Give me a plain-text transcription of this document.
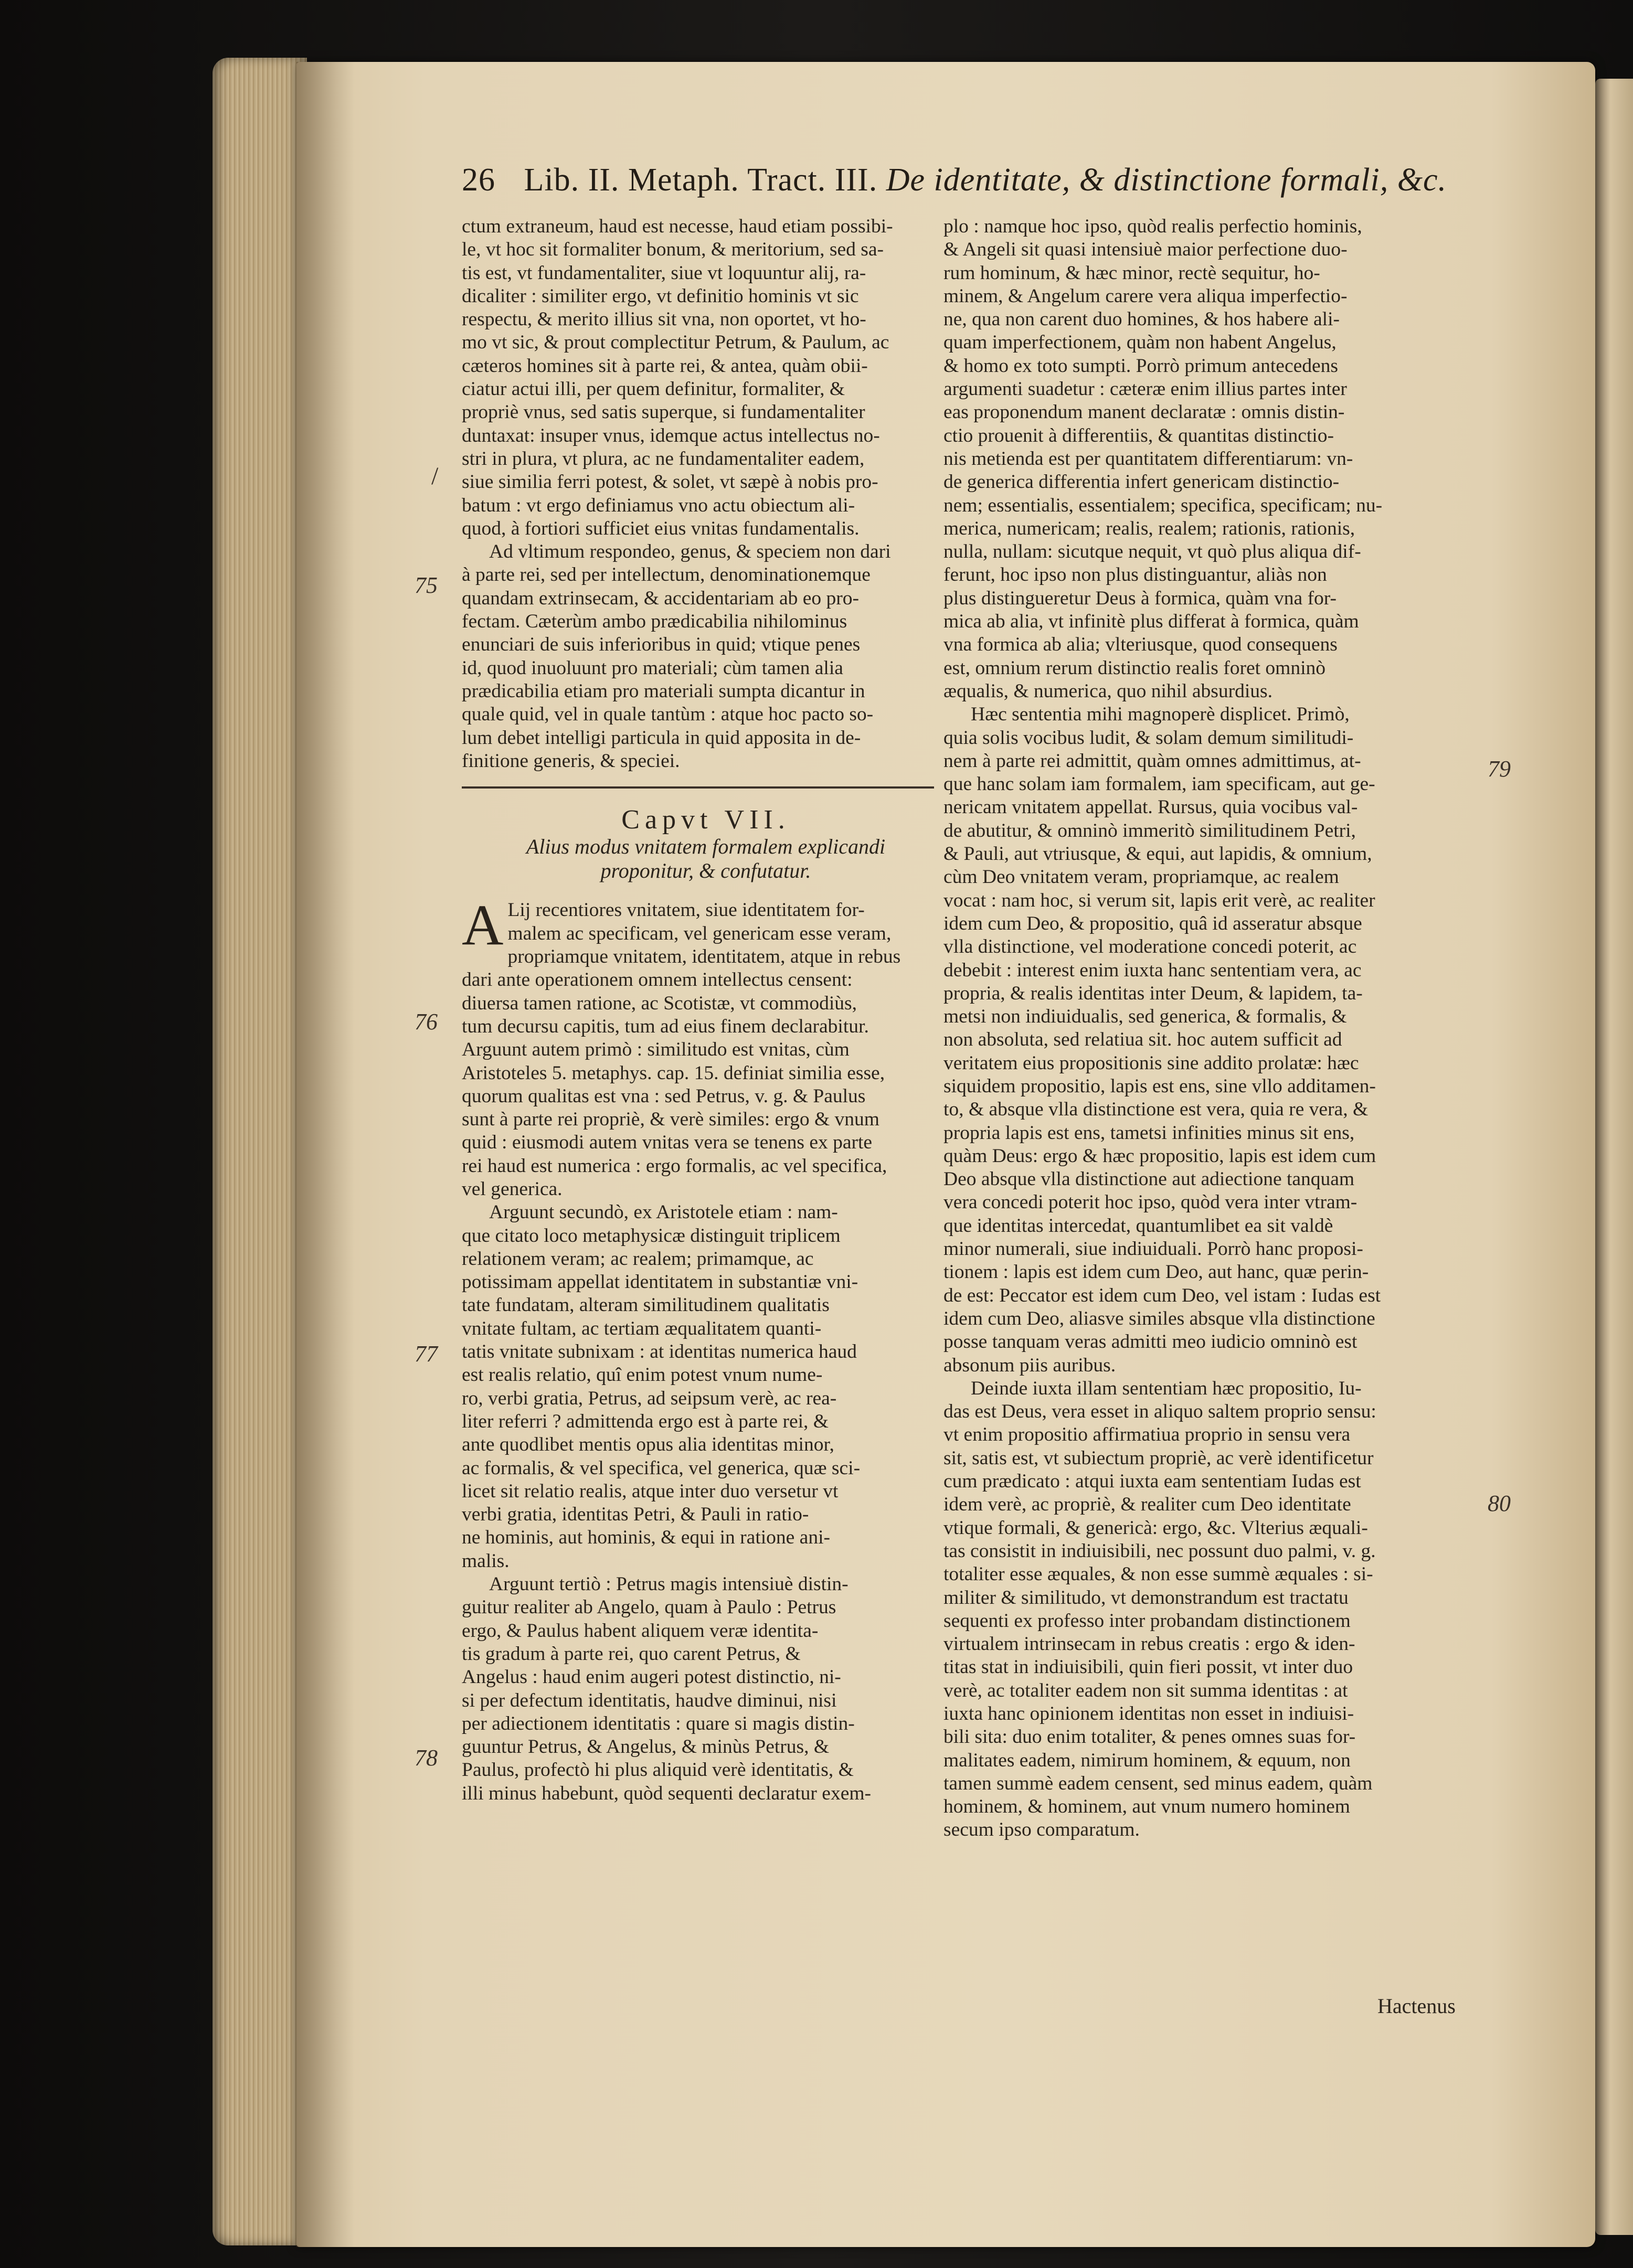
26 Lib. II. Metaph. Tract. III. De identitate, & distinctione formali, &c.
ctum extraneum, haud est necesse, haud etiam possibi-
le, vt hoc sit formaliter bonum, & meritorium, sed sa-
tis est, vt fundamentaliter, siue vt loquuntur alij, ra-
dicaliter : similiter ergo, vt definitio hominis vt sic
respectu, & merito illius sit vna, non oportet, vt ho-
mo vt sic, & prout complectitur Petrum, & Paulum, ac
cæteros homines sit à parte rei, & antea, quàm obii-
ciatur actui illi, per quem definitur, formaliter, &
propriè vnus, sed satis superque, si fundamentaliter
duntaxat: insuper vnus, idemque actus intellectus no-
stri in plura, vt plura, ac ne fundamentaliter eadem,
siue similia ferri potest, & solet, vt sæpè à nobis pro-
batum : vt ergo definiamus vno actu obiectum ali-
quod, à fortiori sufficiet eius vnitas fundamentalis.
Ad vltimum respondeo, genus, & speciem non dari
à parte rei, sed per intellectum, denominationemque
quandam extrinsecam, & accidentariam ab eo pro-
fectam. Cæterùm ambo prædicabilia nihilominus
enunciari de suis inferioribus in quid; vtique penes
id, quod inuoluunt pro materiali; cùm tamen alia
prædicabilia etiam pro materiali sumpta dicantur in
quale quid, vel in quale tantùm : atque hoc pacto so-
lum debet intelligi particula in quid apposita in de-
finitione generis, & speciei.
Capvt VII.
Alius modus vnitatem formalem explicandi
proponitur, & confutatur.
A Lij recentiores vnitatem, siue identitatem for-
malem ac specificam, vel genericam esse veram,
propriamque vnitatem, identitatem, atque in rebus
dari ante operationem omnem intellectus censent:
diuersa tamen ratione, ac Scotistæ, vt commodiùs,
tum decursu capitis, tum ad eius finem declarabitur.
Arguunt autem primò : similitudo est vnitas, cùm
Aristoteles 5. metaphys. cap. 15. definiat similia esse,
quorum qualitas est vna : sed Petrus, v. g. & Paulus
sunt à parte rei propriè, & verè similes: ergo & vnum
quid : eiusmodi autem vnitas vera se tenens ex parte
rei haud est numerica : ergo formalis, ac vel specifica,
vel generica.
Arguunt secundò, ex Aristotele etiam : nam-
que citato loco metaphysicæ distinguit triplicem
relationem veram; ac realem; primamque, ac
potissimam appellat identitatem in substantiæ vni-
tate fundatam, alteram similitudinem qualitatis
vnitate fultam, ac tertiam æqualitatem quanti-
tatis vnitate subnixam : at identitas numerica haud
est realis relatio, quî enim potest vnum nume-
ro, verbi gratia, Petrus, ad seipsum verè, ac rea-
liter referri ? admittenda ergo est à parte rei, &
ante quodlibet mentis opus alia identitas minor,
ac formalis, & vel specifica, vel generica, quæ sci-
licet sit relatio realis, atque inter duo versetur vt
verbi gratia, identitas Petri, & Pauli in ratio-
ne hominis, aut hominis, & equi in ratione ani-
malis.
Arguunt tertiò : Petrus magis intensiuè distin-
guitur realiter ab Angelo, quam à Paulo : Petrus
ergo, & Paulus habent aliquem veræ identita-
tis gradum à parte rei, quo carent Petrus, &
Angelus : haud enim augeri potest distinctio, ni-
si per defectum identitatis, haudve diminui, nisi
per adiectionem identitatis : quare si magis distin-
guuntur Petrus, & Angelus, & minùs Petrus, &
Paulus, profectò hi plus aliquid verè identitatis, &
illi minus habebunt, quòd sequenti declaratur exem-
plo : namque hoc ipso, quòd realis perfectio hominis,
& Angeli sit quasi intensiuè maior perfectione duo-
rum hominum, & hæc minor, rectè sequitur, ho-
minem, & Angelum carere vera aliqua imperfectio-
ne, qua non carent duo homines, & hos habere ali-
quam imperfectionem, quàm non habent Angelus,
& homo ex toto sumpti. Porrò primum antecedens
argumenti suadetur : cæteræ enim illius partes inter
eas proponendum manent declaratæ : omnis distin-
ctio prouenit à differentiis, & quantitas distinctio-
nis metienda est per quantitatem differentiarum: vn-
de generica differentia infert genericam distinctio-
nem; essentialis, essentialem; specifica, specificam; nu-
merica, numericam; realis, realem; rationis, rationis,
nulla, nullam: sicutque nequit, vt quò plus aliqua dif-
ferunt, hoc ipso non plus distinguantur, aliàs non
plus distingueretur Deus à formica, quàm vna for-
mica ab alia, vt infinitè plus differat à formica, quàm
vna formica ab alia; vlteriusque, quod consequens
est, omnium rerum distinctio realis foret omninò
æqualis, & numerica, quo nihil absurdius.
Hæc sententia mihi magnoperè displicet. Primò,
quia solis vocibus ludit, & solam demum similitudi-
nem à parte rei admittit, quàm omnes admittimus, at-
que hanc solam iam formalem, iam specificam, aut ge-
nericam vnitatem appellat. Rursus, quia vocibus val-
de abutitur, & omninò immeritò similitudinem Petri,
& Pauli, aut vtriusque, & equi, aut lapidis, & omnium,
cùm Deo vnitatem veram, propriamque, ac realem
vocat : nam hoc, si verum sit, lapis erit verè, ac realiter
idem cum Deo, & propositio, quâ id asseratur absque
vlla distinctione, vel moderatione concedi poterit, ac
debebit : interest enim iuxta hanc sententiam vera, ac
propria, & realis identitas inter Deum, & lapidem, ta-
metsi non indiuidualis, sed generica, & formalis, &
non absoluta, sed relatiua sit. hoc autem sufficit ad
veritatem eius propositionis sine addito prolatæ: hæc
siquidem propositio, lapis est ens, sine vllo additamen-
to, & absque vlla distinctione est vera, quia re vera, &
propria lapis est ens, tametsi infinities minus sit ens,
quàm Deus: ergo & hæc propositio, lapis est idem cum
Deo absque vlla distinctione aut adiectione tanquam
vera concedi poterit hoc ipso, quòd vera inter vtram-
que identitas intercedat, quantumlibet ea sit valdè
minor numerali, siue indiuiduali. Porrò hanc proposi-
tionem : lapis est idem cum Deo, aut hanc, quæ perin-
de est: Peccator est idem cum Deo, vel istam : Iudas est
idem cum Deo, aliasve similes absque vlla distinctione
posse tanquam veras admitti meo iudicio omninò est
absonum piis auribus.
Deinde iuxta illam sententiam hæc propositio, Iu-
das est Deus, vera esset in aliquo saltem proprio sensu:
vt enim propositio affirmatiua proprio in sensu vera
sit, satis est, vt subiectum propriè, ac verè identificetur
cum prædicato : atqui iuxta eam sententiam Iudas est
idem verè, ac propriè, & realiter cum Deo identitate
vtique formali, & genericà: ergo, &c. Vlterius æquali-
tas consistit in indiuisibili, nec possunt duo palmi, v. g.
totaliter esse æquales, & non esse summè æquales : si-
militer & similitudo, vt demonstrandum est tractatu
sequenti ex professo inter probandam distinctionem
virtualem intrinsecam in rebus creatis : ergo & iden-
titas stat in indiuisibili, quin fieri possit, vt inter duo
verè, ac totaliter eadem non sit summa identitas : at
iuxta hanc opinionem identitas non esset in indiuisi-
bili sita: duo enim totaliter, & penes omnes suas for-
malitates eadem, nimirum hominem, & equum, non
tamen summè eadem censent, sed minus eadem, quàm
hominem, & hominem, aut vnum numero hominem
secum ipso comparatum.
75
76
77
78
79
80
/
Hactenus
